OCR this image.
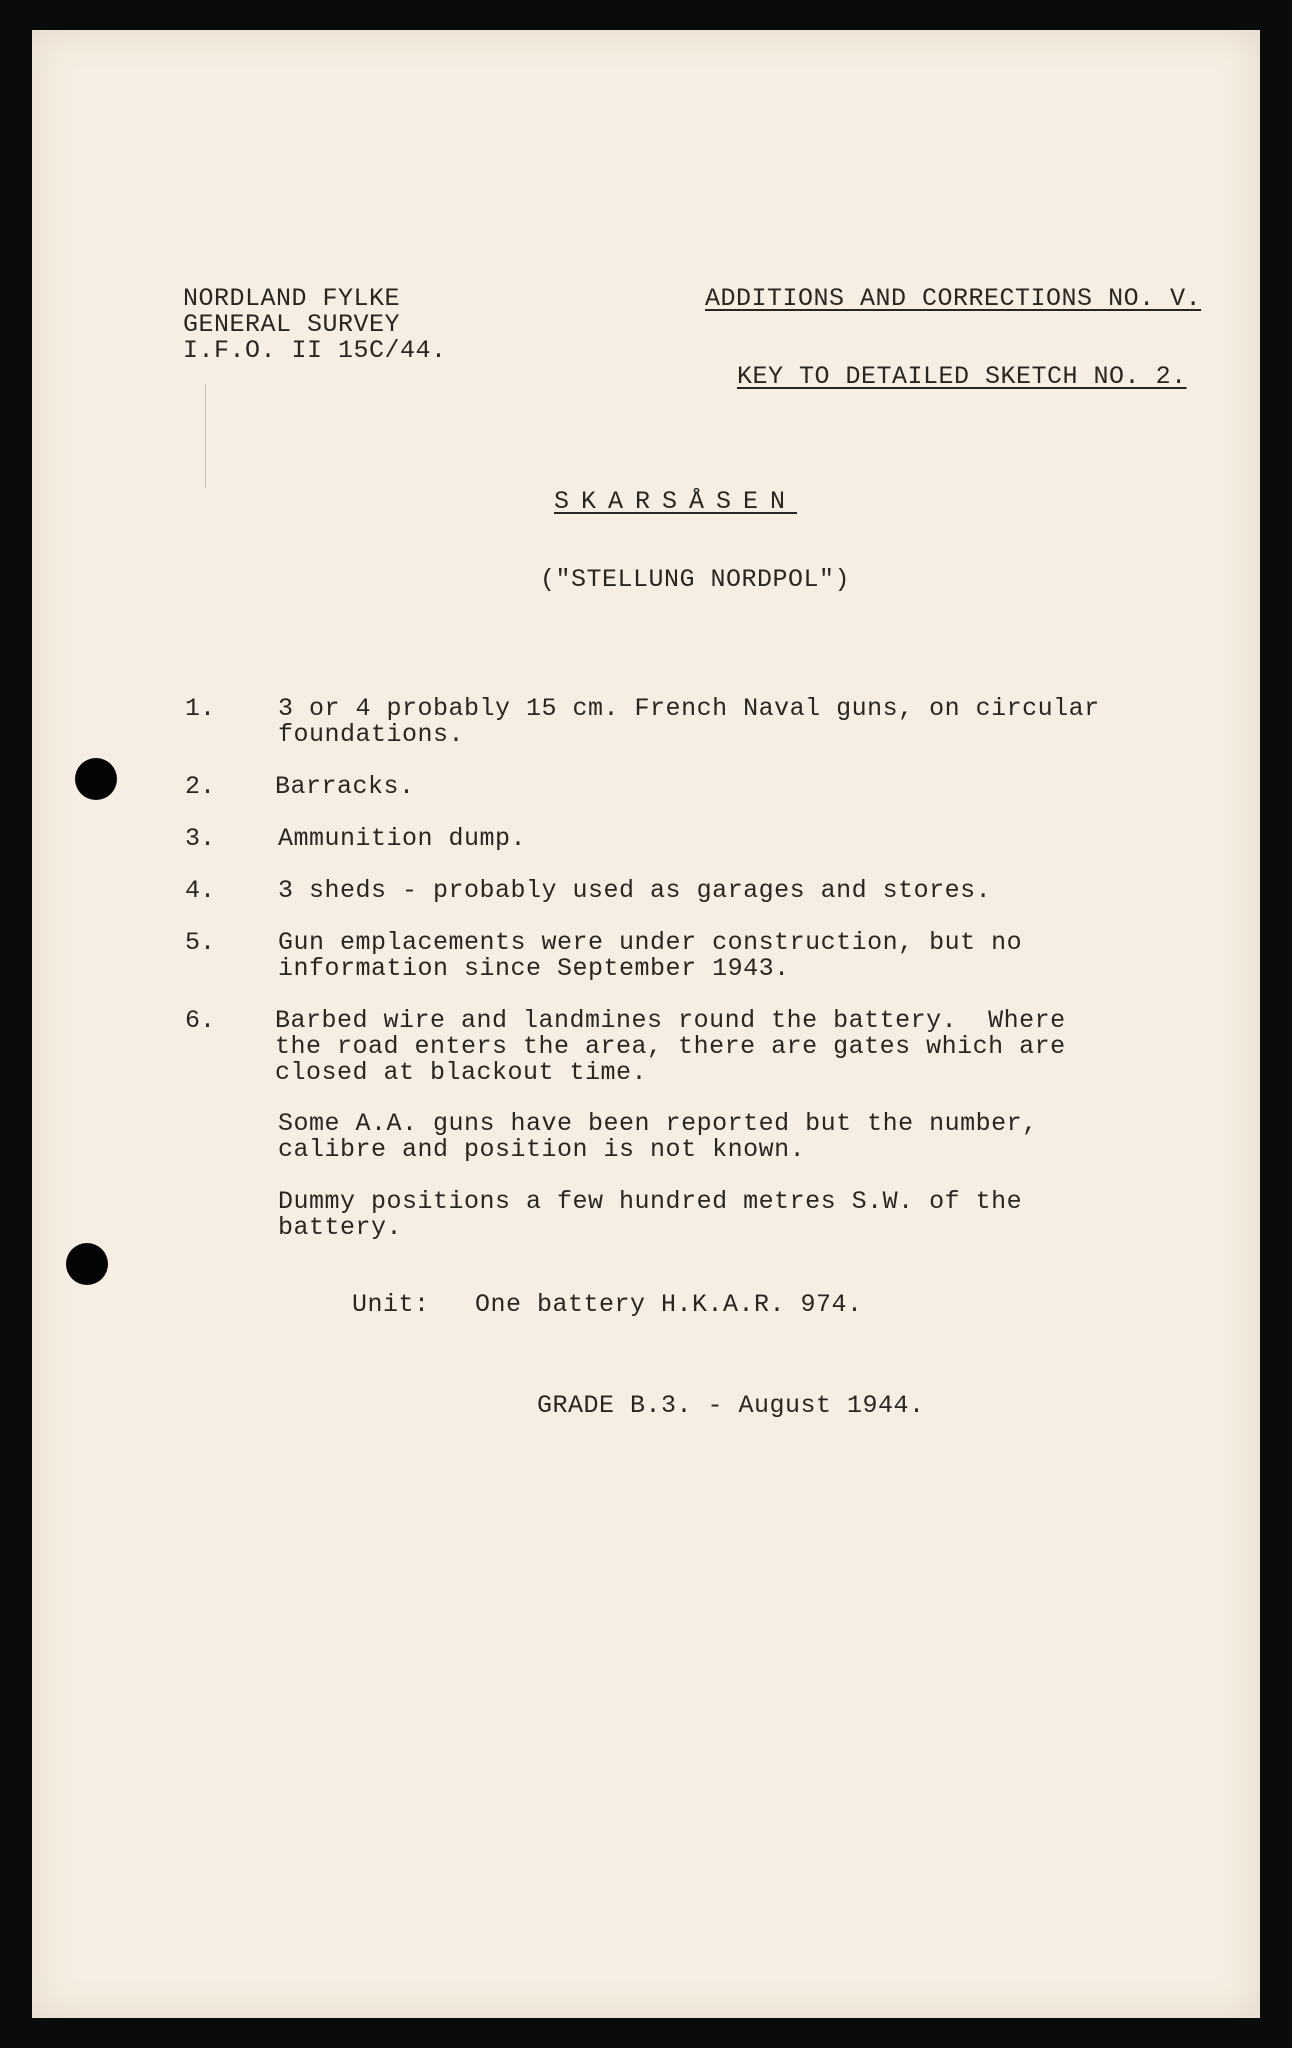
NORDLAND FYLKE
GENERAL SURVEY
I.F.O. II 15C/44.
ADDITIONS AND CORRECTIONS NO. V.
KEY TO DETAILED SKETCH NO. 2.
SKARSÅSEN
("STELLUNG NORDPOL")
1.	3 or 4 probably 15 cm. French Naval guns, on circular
foundations.
2. Barracks.
3.	Ammunition dump.
4.	3 sheds - probably used as garages and stores.
5.	Gun emplacements were under construction, but no
information since September 1943.
6. Barbed wire and landmines round the battery.  Where
the road enters the area, there are gates which are
closed at blackout time.
Some A.A. guns have been reported but the number,
calibre and position is not known.
Dummy positions a few hundred metres S.W. of the
battery.
Unit: One battery H.K.A.R. 974.
GRADE B.3. - August 1944.
